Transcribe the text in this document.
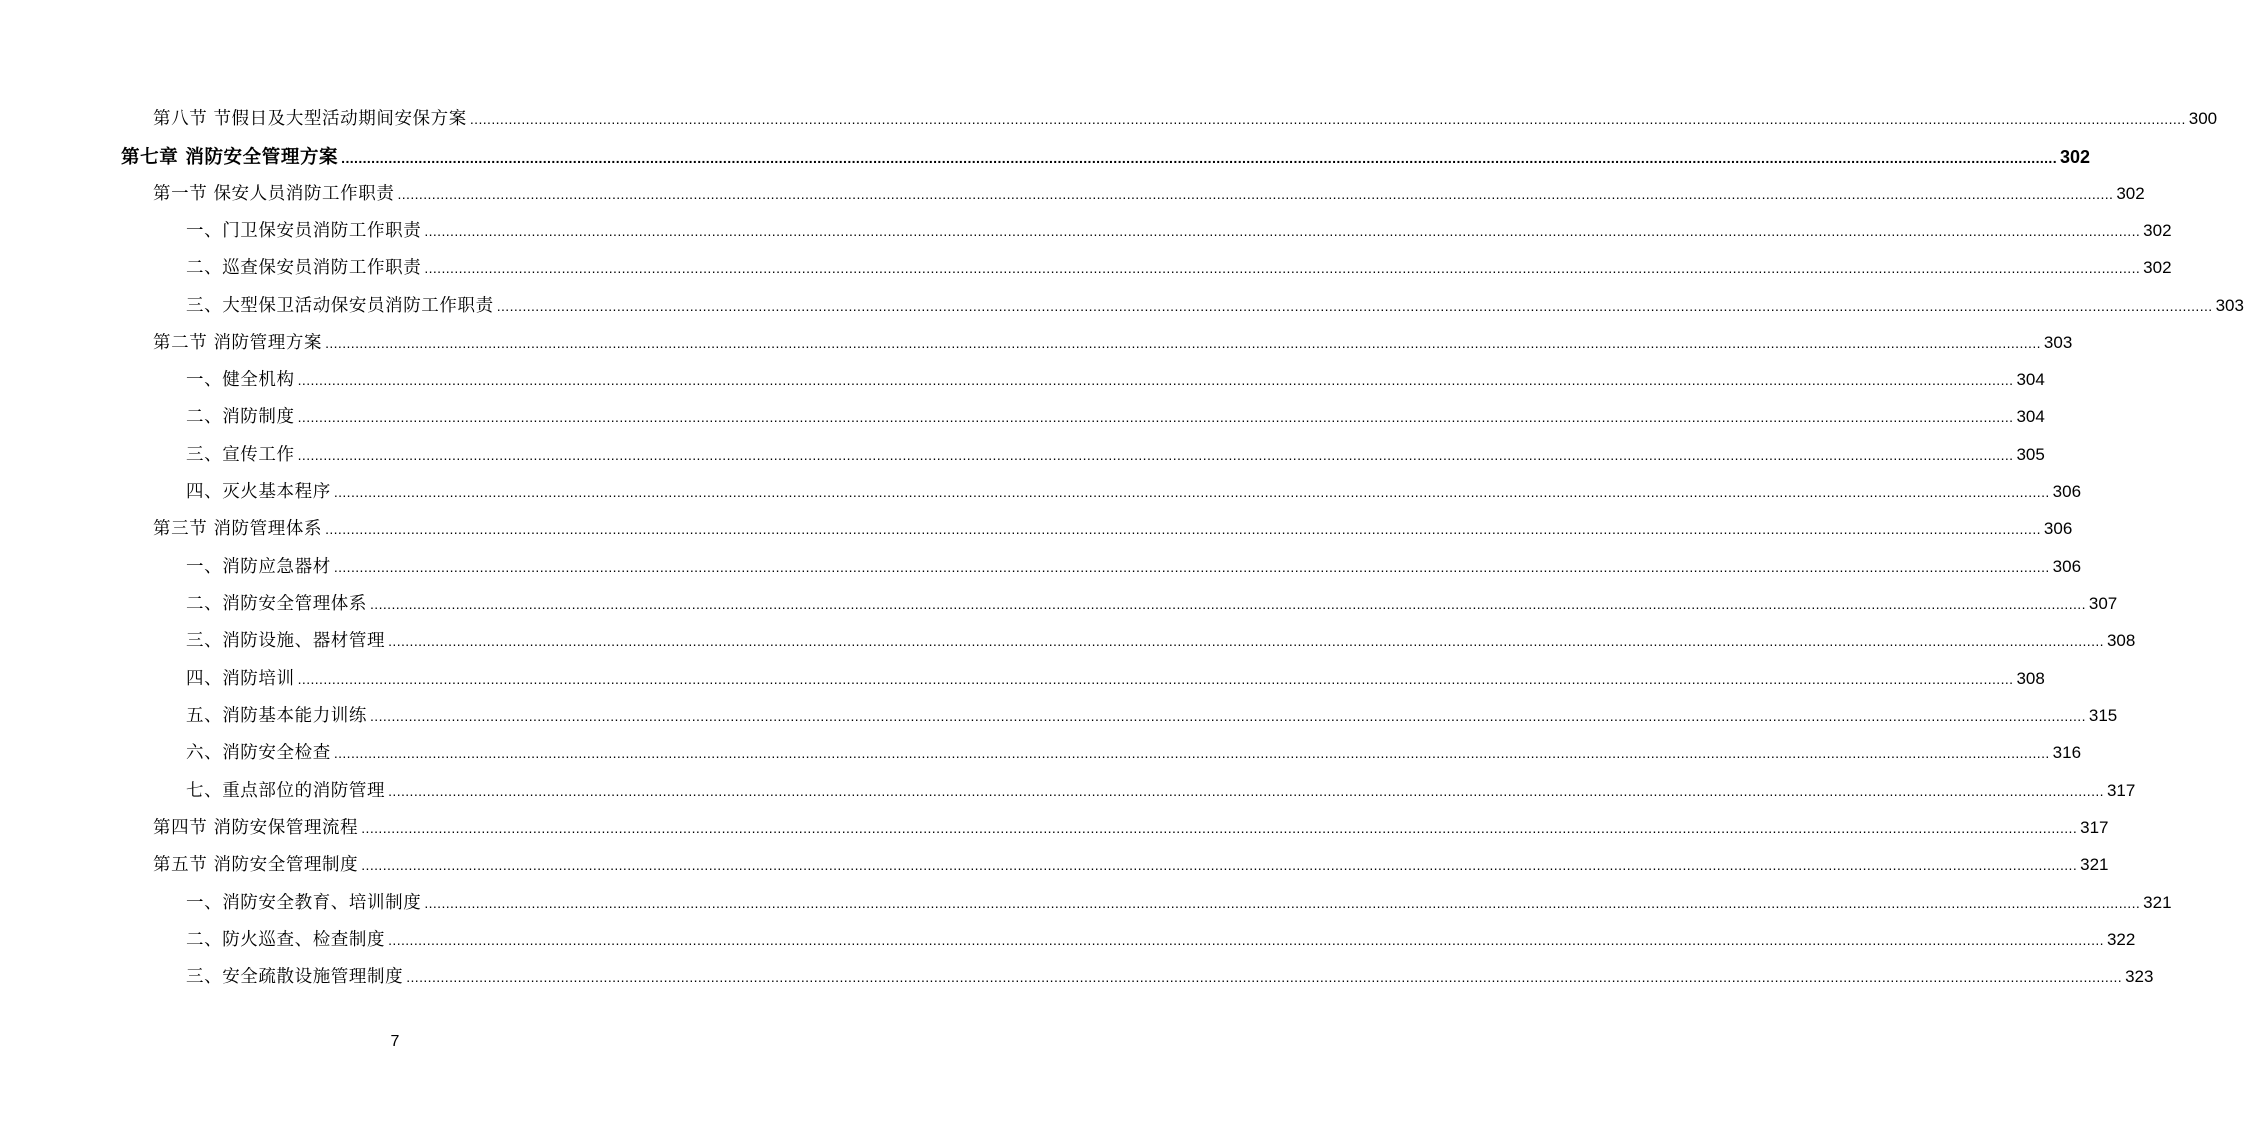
第八节 节假日及大型活动期间安保方案 ................................................................................................................................................................................................................................................................................................................................................................................................................ 300
第七章 消防安全管理方案 ................................................................................................................................................................................................................................................................................................................................................................................................................ 302
第一节 保安人员消防工作职责 ................................................................................................................................................................................................................................................................................................................................................................................................................ 302
一、门卫保安员消防工作职责 ................................................................................................................................................................................................................................................................................................................................................................................................................ 302
二、巡查保安员消防工作职责 ................................................................................................................................................................................................................................................................................................................................................................................................................ 302
三、大型保卫活动保安员消防工作职责 ................................................................................................................................................................................................................................................................................................................................................................................................................ 303
第二节 消防管理方案 ................................................................................................................................................................................................................................................................................................................................................................................................................ 303
一、健全机构 ................................................................................................................................................................................................................................................................................................................................................................................................................ 304
二、消防制度 ................................................................................................................................................................................................................................................................................................................................................................................................................ 304
三、宣传工作 ................................................................................................................................................................................................................................................................................................................................................................................................................ 305
四、灭火基本程序 ................................................................................................................................................................................................................................................................................................................................................................................................................ 306
第三节 消防管理体系 ................................................................................................................................................................................................................................................................................................................................................................................................................ 306
一、消防应急器材 ................................................................................................................................................................................................................................................................................................................................................................................................................ 306
二、消防安全管理体系 ................................................................................................................................................................................................................................................................................................................................................................................................................ 307
三、消防设施、器材管理 ................................................................................................................................................................................................................................................................................................................................................................................................................ 308
四、消防培训 ................................................................................................................................................................................................................................................................................................................................................................................................................ 308
五、消防基本能力训练 ................................................................................................................................................................................................................................................................................................................................................................................................................ 315
六、消防安全检查 ................................................................................................................................................................................................................................................................................................................................................................................................................ 316
七、重点部位的消防管理 ................................................................................................................................................................................................................................................................................................................................................................................................................ 317
第四节 消防安保管理流程 ................................................................................................................................................................................................................................................................................................................................................................................................................ 317
第五节 消防安全管理制度 ................................................................................................................................................................................................................................................................................................................................................................................................................ 321
一、消防安全教育、培训制度 ................................................................................................................................................................................................................................................................................................................................................................................................................ 321
二、防火巡查、检查制度 ................................................................................................................................................................................................................................................................................................................................................................................................................ 322
三、安全疏散设施管理制度 ................................................................................................................................................................................................................................................................................................................................................................................................................ 323
7
